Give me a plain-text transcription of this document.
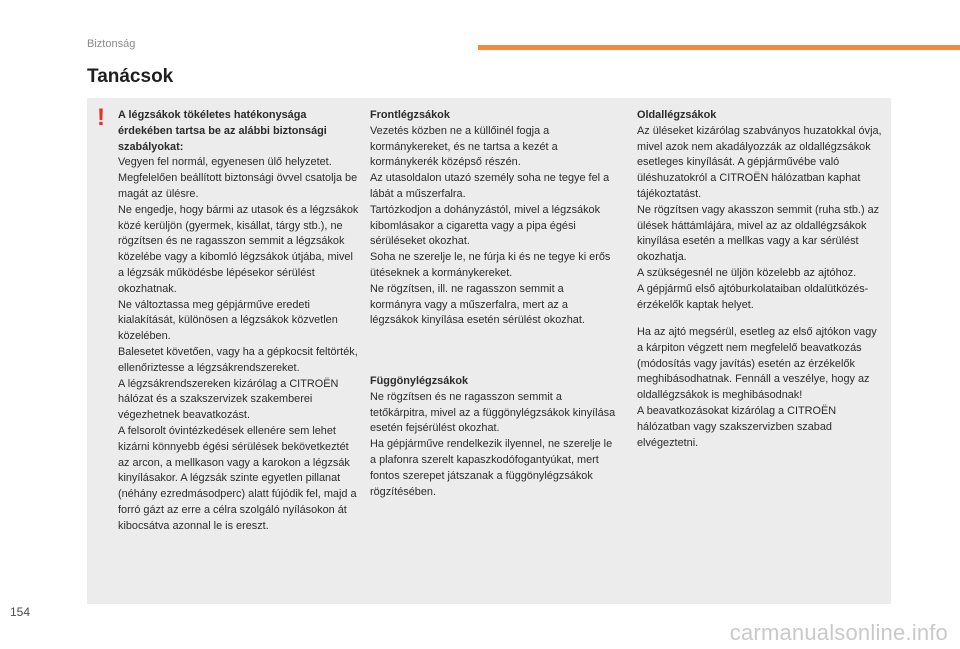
Biztonság
Tanácsok
! A légzsákok tökéletes hatékonysága érdekében tartsa be az alábbi biztonsági szabályokat:

Vegyen fel normál, egyenesen ülő helyzetet.

Megfelelően beállított biztonsági övvel csatolja be magát az ülésre.

Ne engedje, hogy bármi az utasok és a légzsákok közé kerüljön (gyermek, kisállat, tárgy stb.), ne rögzítsen és ne ragasszon semmit a légzsákok közelébe vagy a kibomló légzsákok útjába, mivel a légzsák működésbe lépésekor sérülést okozhatnak.

Ne változtassa meg gépjárműve eredeti kialakítását, különösen a légzsákok közvetlen közelében.

Balesetet követően, vagy ha a gépkocsit feltörték, ellenőriztesse a légzsákrendszereket.

A légzsákrendszereken kizárólag a CITROËN hálózat és a szakszervizek szakemberei végezhetnek beavatkozást.

A felsorolt óvintézkedések ellenére sem lehet kizárni könnyebb égési sérülések bekövetkeztét az arcon, a mellkason vagy a karokon a légzsák kinyílásakor. A légzsák szinte egyetlen pillanat (néhány ezredmásodperc) alatt fújódik fel, majd a forró gázt az erre a célra szolgáló nyílásokon át kibocsátva azonnal le is ereszt.

Frontlégzsákok

Vezetés közben ne a küllőinél fogja a kormánykereket, és ne tartsa a kezét a kormánykerék középső részén.

Az utasoldalon utazó személy soha ne tegye fel a lábát a műszerfalra.

Tartózkodjon a dohányzástól, mivel a légzsákok kibomlásakor a cigaretta vagy a pipa égési sérüléseket okozhat.

Soha ne szerelje le, ne fúrja ki és ne tegye ki erős ütéseknek a kormánykereket.

Ne rögzítsen, ill. ne ragasszon semmit a kormányra vagy a műszerfalra, mert az a légzsákok kinyílása esetén sérülést okozhat.

Függönylégzsákok

Ne rögzítsen és ne ragasszon semmit a tetőkárpitra, mivel az a függönylégzsákok kinyílása esetén fejsérülést okozhat.

Ha gépjárműve rendelkezik ilyennel, ne szerelje le a plafonra szerelt kapaszkodófogantyúkat, mert fontos szerepet játszanak a függönylégzsákok rögzítésében.

Oldallégzsákok

Az üléseket kizárólag szabványos huzatokkal óvja, mivel azok nem akadályozzák az oldallégzsákok esetleges kinyílását. A gépjárművébe való üléshuzatokról a CITROËN hálózatban kaphat tájékoztatást.

Ne rögzítsen vagy akasszon semmit (ruha stb.) az ülések háttámlájára, mivel az az oldallégzsákok kinyílása esetén a mellkas vagy a kar sérülést okozhatja.

A szükségesnél ne üljön közelebb az ajtóhoz.

A gépjármű első ajtóburkolataiban oldalütközés-érzékelők kaptak helyet.

Ha az ajtó megsérül, esetleg az első ajtókon vagy a kárpiton végzett nem megfelelő beavatkozás (módosítás vagy javítás) esetén az érzékelők meghibásodhatnak. Fennáll a veszélye, hogy az oldallégzsákok is meghibásodnak!

A beavatkozásokat kizárólag a CITROËN hálózatban vagy szakszervizben szabad elvégeztetni.

154
carmanualsonline.info
